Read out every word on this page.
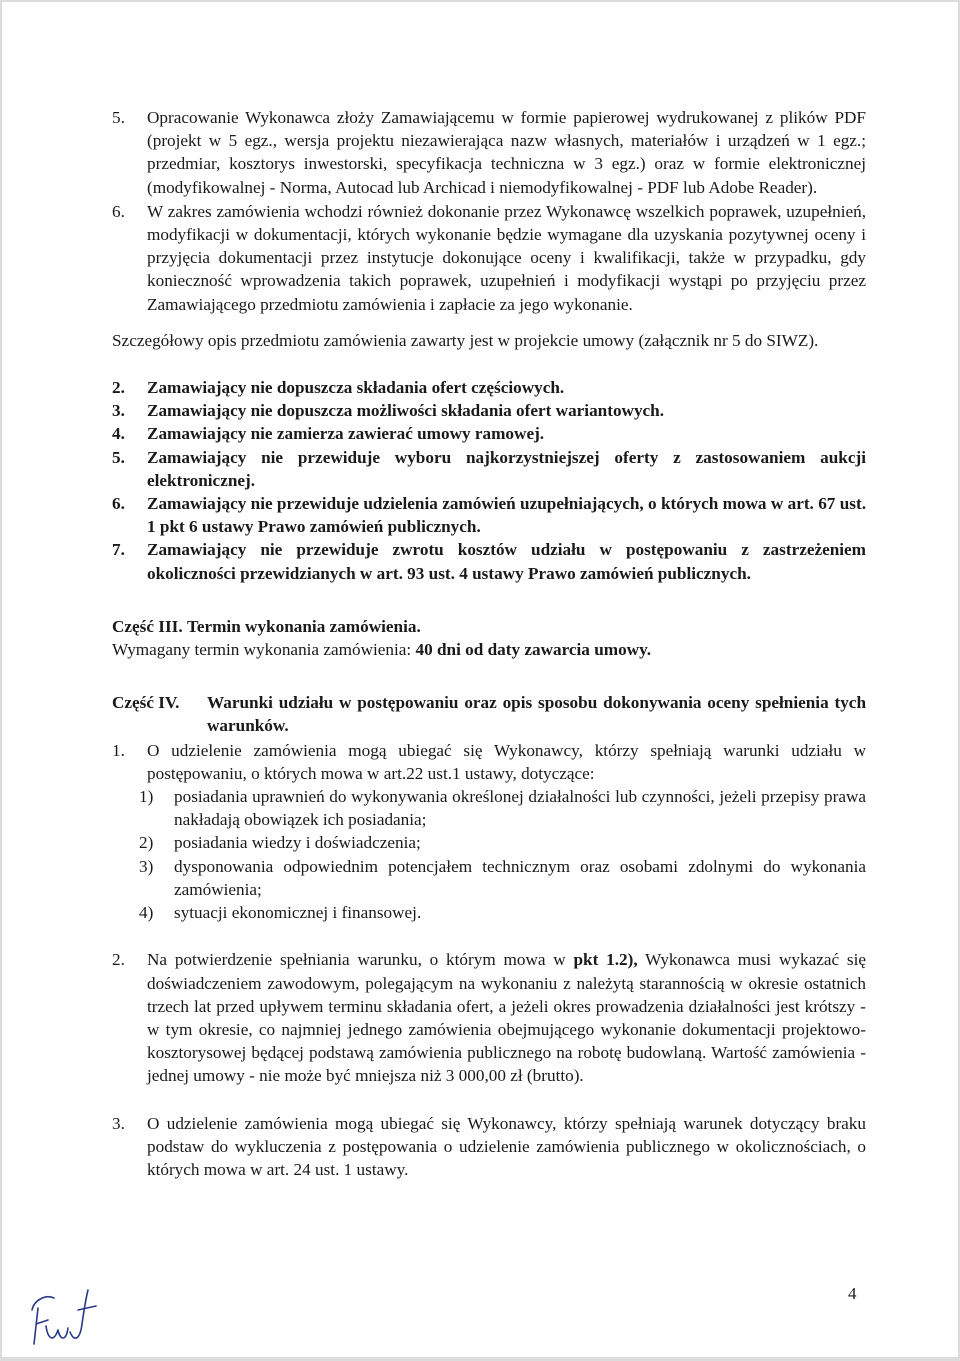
5. Opracowanie Wykonawca złoży Zamawiającemu w formie papierowej wydrukowanej z plików PDF (projekt w 5 egz., wersja projektu niezawierająca nazw własnych, materiałów i urządzeń w 1 egz.; przedmiar, kosztorys inwestorski, specyfikacja techniczna w 3 egz.) oraz w formie elektronicznej (modyfikowalnej - Norma, Autocad lub Archicad i niemodyfikowalnej - PDF lub Adobe Reader).
6. W zakres zamówienia wchodzi również dokonanie przez Wykonawcę wszelkich poprawek, uzupełnień, modyfikacji w dokumentacji, których wykonanie będzie wymagane dla uzyskania pozytywnej oceny i przyjęcia dokumentacji przez instytucje dokonujące oceny i kwalifikacji, także w przypadku, gdy konieczność wprowadzenia takich poprawek, uzupełnień i modyfikacji wystąpi po przyjęciu przez Zamawiającego przedmiotu zamówienia i zapłacie za jego wykonanie.

Szczegółowy opis przedmiotu zamówienia zawarty jest w projekcie umowy (załącznik nr 5 do SIWZ).

2. Zamawiający nie dopuszcza składania ofert częściowych.
3. Zamawiający nie dopuszcza możliwości składania ofert wariantowych.
4. Zamawiający nie zamierza zawierać umowy ramowej.
5. Zamawiający nie przewiduje wyboru najkorzystniejszej oferty z zastosowaniem aukcji elektronicznej.
6. Zamawiający nie przewiduje udzielenia zamówień uzupełniających, o których mowa w art. 67 ust. 1 pkt 6 ustawy Prawo zamówień publicznych.
7. Zamawiający nie przewiduje zwrotu kosztów udziału w postępowaniu z zastrzeżeniem okoliczności przewidzianych w art. 93 ust. 4 ustawy Prawo zamówień publicznych.
Część III. Termin wykonania zamówienia.
Wymagany termin wykonania zamówienia: 40 dni od daty zawarcia umowy.
Część IV. Warunki udziału w postępowaniu oraz opis sposobu dokonywania oceny spełnienia tych warunków.
1. O udzielenie zamówienia mogą ubiegać się Wykonawcy, którzy spełniają warunki udziału w postępowaniu, o których mowa w art.22 ust.1 ustawy, dotyczące:
1) posiadania uprawnień do wykonywania określonej działalności lub czynności, jeżeli przepisy prawa nakładają obowiązek ich posiadania;
2) posiadania wiedzy i doświadczenia;
3) dysponowania odpowiednim potencjałem technicznym oraz osobami zdolnymi do wykonania zamówienia;
4) sytuacji ekonomicznej i finansowej.
2. Na potwierdzenie spełniania warunku, o którym mowa w pkt 1.2), Wykonawca musi wykazać się doświadczeniem zawodowym, polegającym na wykonaniu z należytą starannością w okresie ostatnich trzech lat przed upływem terminu składania ofert, a jeżeli okres prowadzenia działalności jest krótszy - w tym okresie, co najmniej jednego zamówienia obejmującego wykonanie dokumentacji projektowo-kosztorysowej będącej podstawą zamówienia publicznego na robotę budowlaną. Wartość zamówienia - jednej umowy - nie może być mniejsza niż 3 000,00 zł (brutto).
3. O udzielenie zamówienia mogą ubiegać się Wykonawcy, którzy spełniają warunek dotyczący braku podstaw do wykluczenia z postępowania o udzielenie zamówienia publicznego w okolicznościach, o których mowa w art. 24 ust. 1 ustawy.
4
